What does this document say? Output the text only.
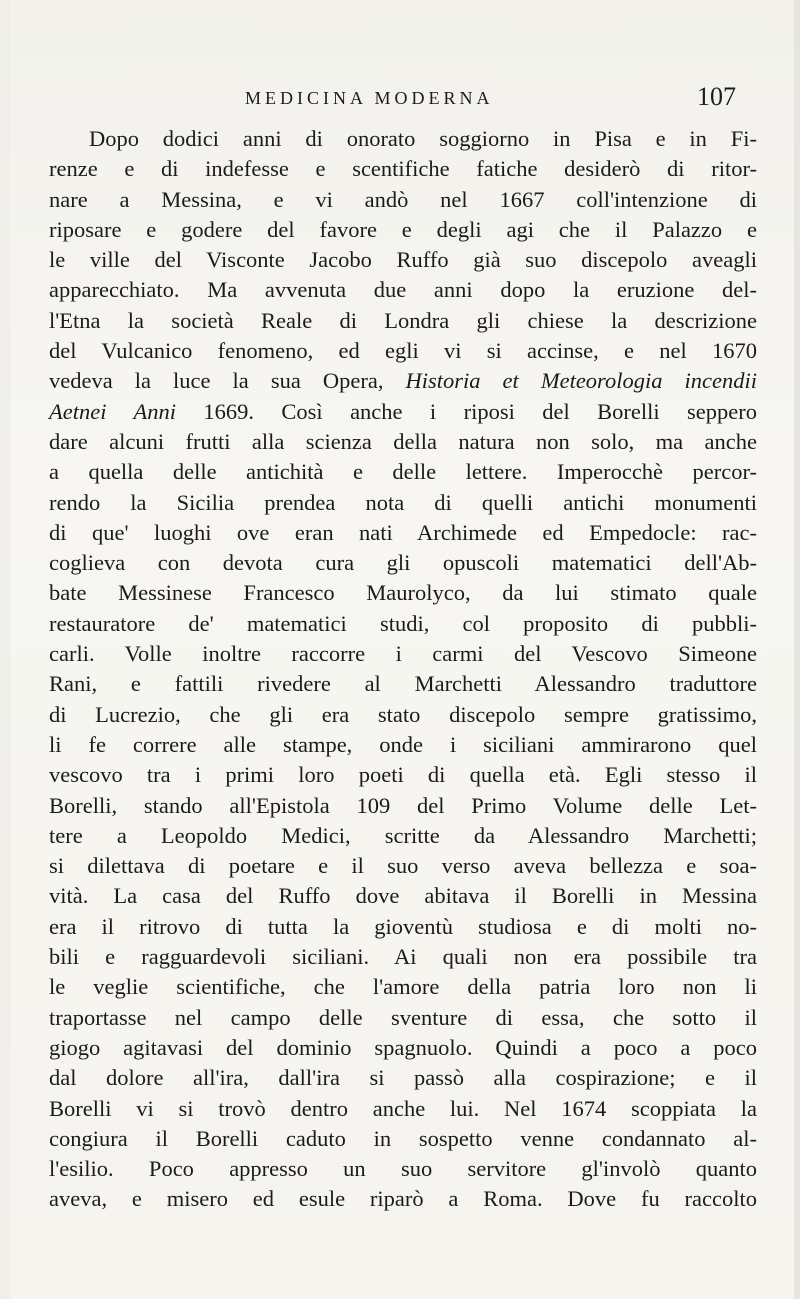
MEDICINA MODERNA	107
Dopo dodici anni di onorato soggiorno in Pisa e in Fi-
renze e di indefesse e scentifiche fatiche desiderò di ritor-
nare a Messina, e vi andò nel 1667 coll'intenzione di
riposare e godere del favore e degli agi che il Palazzo e
le ville del Visconte Jacobo Ruffo già suo discepolo aveagli
apparecchiato. Ma avvenuta due anni dopo la eruzione del-
l'Etna la società Reale di Londra gli chiese la descrizione
del Vulcanico fenomeno, ed egli vi si accinse, e nel 1670
vedeva la luce la sua Opera, Historia et Meteorologia incendii
Aetnei Anni 1669. Così anche i riposi del Borelli seppero
dare alcuni frutti alla scienza della natura non solo, ma anche
a quella delle antichità e delle lettere. Imperocchè percor-
rendo la Sicilia prendea nota di quelli antichi monumenti
di que' luoghi ove eran nati Archimede ed Empedocle: rac-
coglieva con devota cura gli opuscoli matematici dell'Ab-
bate Messinese Francesco Maurolyco, da lui stimato quale
restauratore de' matematici studi, col proposito di pubbli-
carli. Volle inoltre raccorre i carmi del Vescovo Simeone
Rani, e fattili rivedere al Marchetti Alessandro traduttore
di Lucrezio, che gli era stato discepolo sempre gratissimo,
li fe correre alle stampe, onde i siciliani ammirarono quel
vescovo tra i primi loro poeti di quella età. Egli stesso il
Borelli, stando all'Epistola 109 del Primo Volume delle Let-
tere a Leopoldo Medici, scritte da Alessandro Marchetti;
si dilettava di poetare e il suo verso aveva bellezza e soa-
vità. La casa del Ruffo dove abitava il Borelli in Messina
era il ritrovo di tutta la gioventù studiosa e di molti no-
bili e ragguardevoli siciliani. Ai quali non era possibile tra
le veglie scientifiche, che l'amore della patria loro non li
traportasse nel campo delle sventure di essa, che sotto il
giogo agitavasi del dominio spagnuolo. Quindi a poco a poco
dal dolore all'ira, dall'ira si passò alla cospirazione; e il
Borelli vi si trovò dentro anche lui. Nel 1674 scoppiata la
congiura il Borelli caduto in sospetto venne condannato al-
l'esilio. Poco appresso un suo servitore gl'involò quanto
aveva, e misero ed esule riparò a Roma. Dove fu raccolto
